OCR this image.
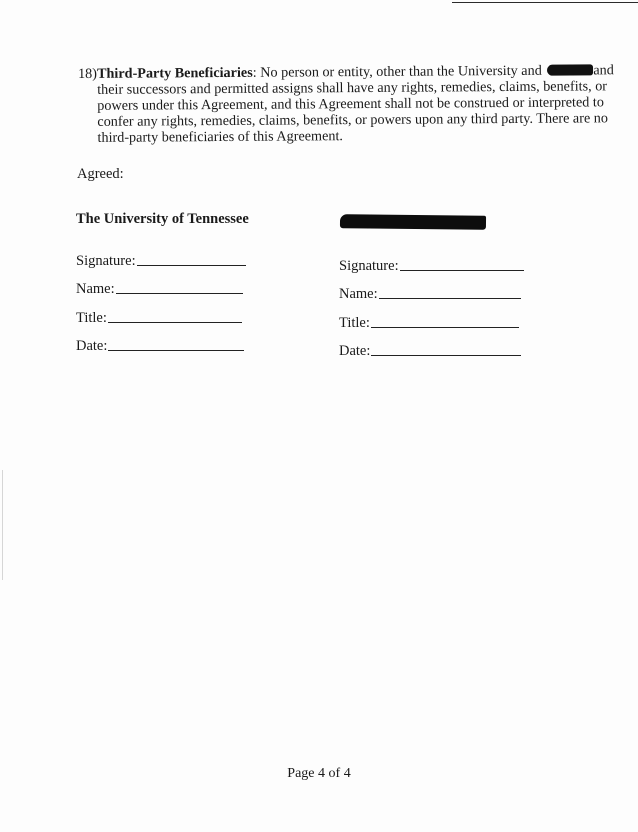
18)Third-Party Beneficiaries: No person or entity, other than the University and	and
their successors and permitted assigns shall have any rights, remedies, claims, benefits, or
powers under this Agreement, and this Agreement shall not be construed or interpreted to
confer any rights, remedies, claims, benefits, or powers upon any third party. There are no
third-party beneficiaries of this Agreement.
Agreed:
The University of Tennessee
Signature:
Name:
Title:
Date:
Signature:
Name:
Title:
Date:
Page 4 of 4
